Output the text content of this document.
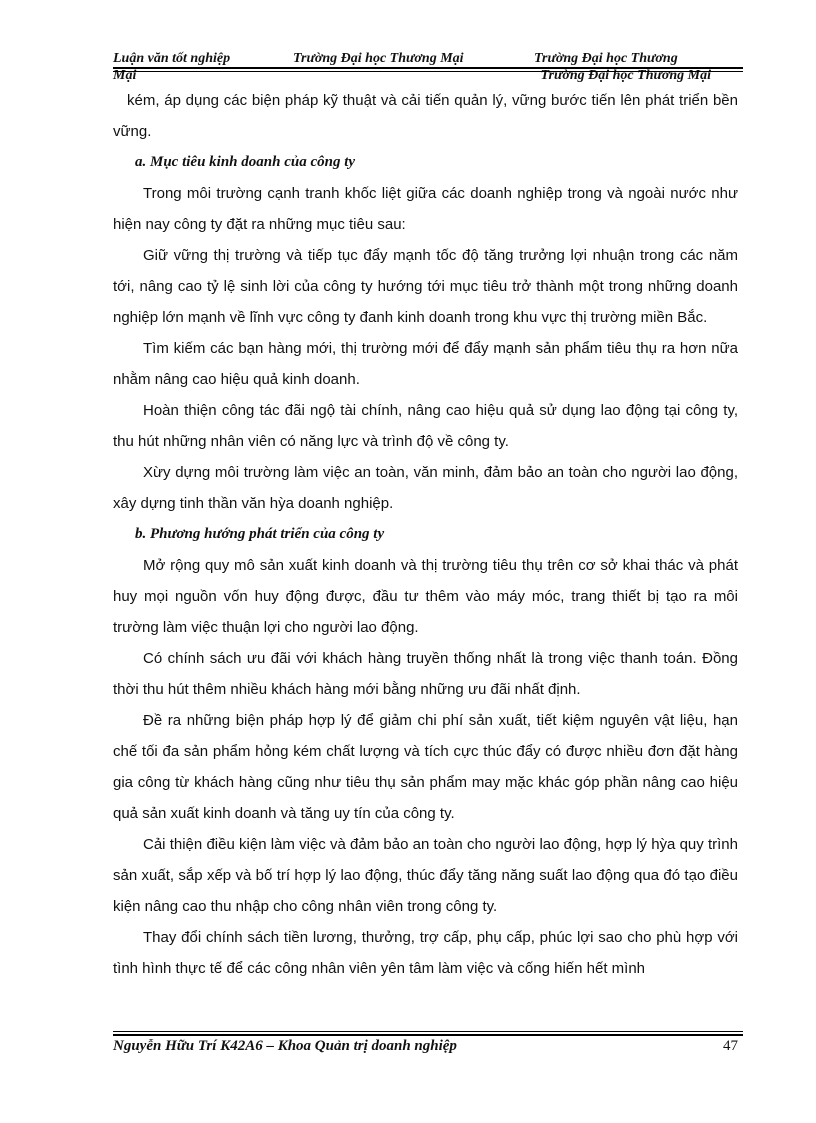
Luận văn tốt nghiệp	Trường Đại học Thương Mại	Trường Đại học Thương
Mại	Trường Đại học Thương Mại

kém, áp dụng các biện pháp kỹ thuật và cải tiến quản lý, vững bước tiến lên phát triển bền vững.

a. Mục tiêu kinh doanh của công ty

Trong môi trường cạnh tranh khốc liệt giữa các doanh nghiệp trong và ngoài nước như hiện nay công ty đặt ra những mục tiêu sau:

Giữ vững thị trường và tiếp tục đẩy mạnh tốc độ tăng trưởng lợi nhuận trong các năm tới, nâng cao tỷ lệ sinh lời của công ty hướng tới mục tiêu trở thành một trong những doanh nghiệp lớn mạnh về lĩnh vực công ty đanh kinh doanh trong khu vực thị trường miền Bắc.

Tìm kiếm các bạn hàng mới, thị trường mới để đẩy mạnh sản phẩm tiêu thụ ra hơn nữa nhằm nâng cao hiệu quả kinh doanh.

Hoàn thiện công tác đãi ngộ tài chính, nâng cao hiệu quả sử dụng lao động tại công ty, thu hút những nhân viên có năng lực và trình độ về công ty.

Xừy dựng môi trường làm việc an toàn, văn minh, đảm bảo an toàn cho người lao động, xây dựng tinh thần văn hỳa doanh nghiệp.

b. Phương hướng phát triển của công ty

Mở rộng quy mô sản xuất kinh doanh và thị trường tiêu thụ trên cơ sở khai thác và phát huy mọi nguồn vốn huy động được, đầu tư thêm vào máy móc, trang thiết bị tạo ra môi trường làm việc thuận lợi cho người lao động.

Có chính sách ưu đãi với khách hàng truyền thống nhất là trong việc thanh toán. Đồng thời thu hút thêm nhiều khách hàng mới bằng những ưu đãi nhất định.

Đề ra những biện pháp hợp lý để giảm chi phí sản xuất, tiết kiệm nguyên vật liệu, hạn chế tối đa sản phẩm hỏng kém chất lượng và tích cực thúc đẩy có được nhiều đơn đặt hàng gia công từ khách hàng cũng như tiêu thụ sản phẩm may mặc khác góp phần nâng cao hiệu quả sản xuất kinh doanh và tăng uy tín của công ty.

Cải thiện điều kiện làm việc và đảm bảo an toàn cho người lao động, hợp lý hỳa quy trình sản xuất, sắp xếp và bố trí hợp lý lao động, thúc đẩy tăng năng suất lao động qua đó tạo điều kiện nâng cao thu nhập cho công nhân viên trong công ty.

Thay đổi chính sách tiền lương, thưởng, trợ cấp, phụ cấp, phúc lợi sao cho phù hợp với tình hình thực tế để các công nhân viên yên tâm làm việc và cống hiến hết mình

Nguyễn Hữu Trí K42A6 – Khoa Quản trị doanh nghiệp	47
